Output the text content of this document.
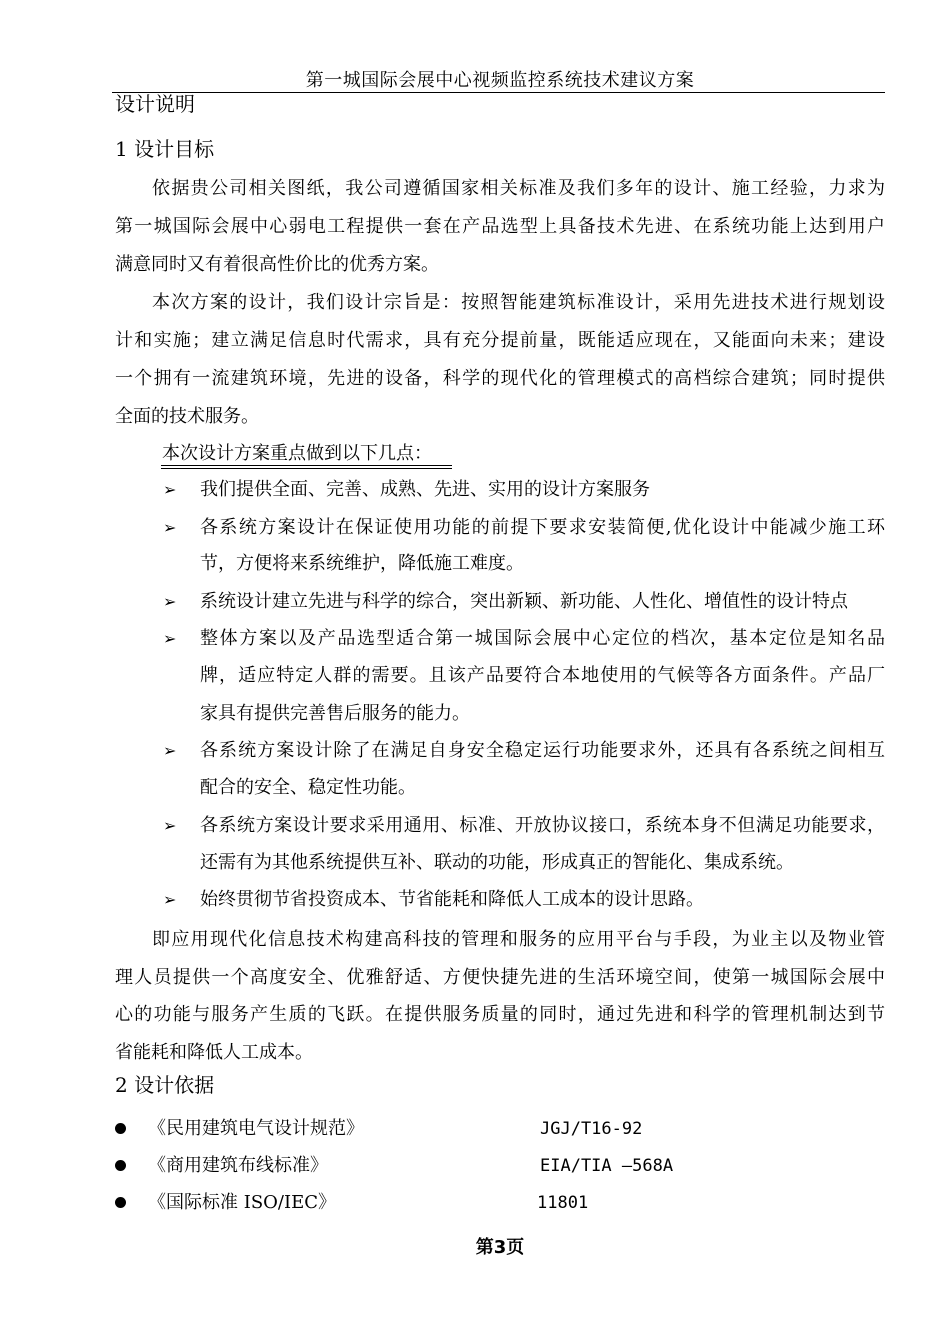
第一城国际会展中心视频监控系统技术建议方案
设计说明
1 设计目标
依据贵公司相关图纸，我公司遵循国家相关标准及我们多年的设计、施工经验，力求为
第一城国际会展中心弱电工程提供一套在产品选型上具备技术先进、在系统功能上达到用户
满意同时又有着很高性价比的优秀方案。
本次方案的设计，我们设计宗旨是：按照智能建筑标准设计，采用先进技术进行规划设
计和实施；建立满足信息时代需求，具有充分提前量，既能适应现在，又能面向未来；建设
一个拥有一流建筑环境，先进的设备，科学的现代化的管理模式的高档综合建筑；同时提供
全面的技术服务。
本次设计方案重点做到以下几点：
➢ 我们提供全面、完善、成熟、先进、实用的设计方案服务
➢ 各系统方案设计在保证使用功能的前提下要求安装简便,优化设计中能减少施工环
节，方便将来系统维护，降低施工难度。
➢ 系统设计建立先进与科学的综合，突出新颖、新功能、人性化、增值性的设计特点
➢ 整体方案以及产品选型适合第一城国际会展中心定位的档次，基本定位是知名品
牌，适应特定人群的需要。且该产品要符合本地使用的气候等各方面条件。产品厂
家具有提供完善售后服务的能力。
➢ 各系统方案设计除了在满足自身安全稳定运行功能要求外，还具有各系统之间相互
配合的安全、稳定性功能。
➢ 各系统方案设计要求采用通用、标准、开放协议接口，系统本身不但满足功能要求，
还需有为其他系统提供互补、联动的功能，形成真正的智能化、集成系统。
➢ 始终贯彻节省投资成本、节省能耗和降低人工成本的设计思路。
即应用现代化信息技术构建高科技的管理和服务的应用平台与手段，为业主以及物业管
理人员提供一个高度安全、优雅舒适、方便快捷先进的生活环境空间，使第一城国际会展中
心的功能与服务产生质的飞跃。在提供服务质量的同时，通过先进和科学的管理机制达到节
省能耗和降低人工成本。
2 设计依据
《民用建筑电气设计规范》	JGJ/T16-92
《商用建筑布线标准》	EIA/TIA —568A
《国际标准 ISO/IEC》	11801
第3页
